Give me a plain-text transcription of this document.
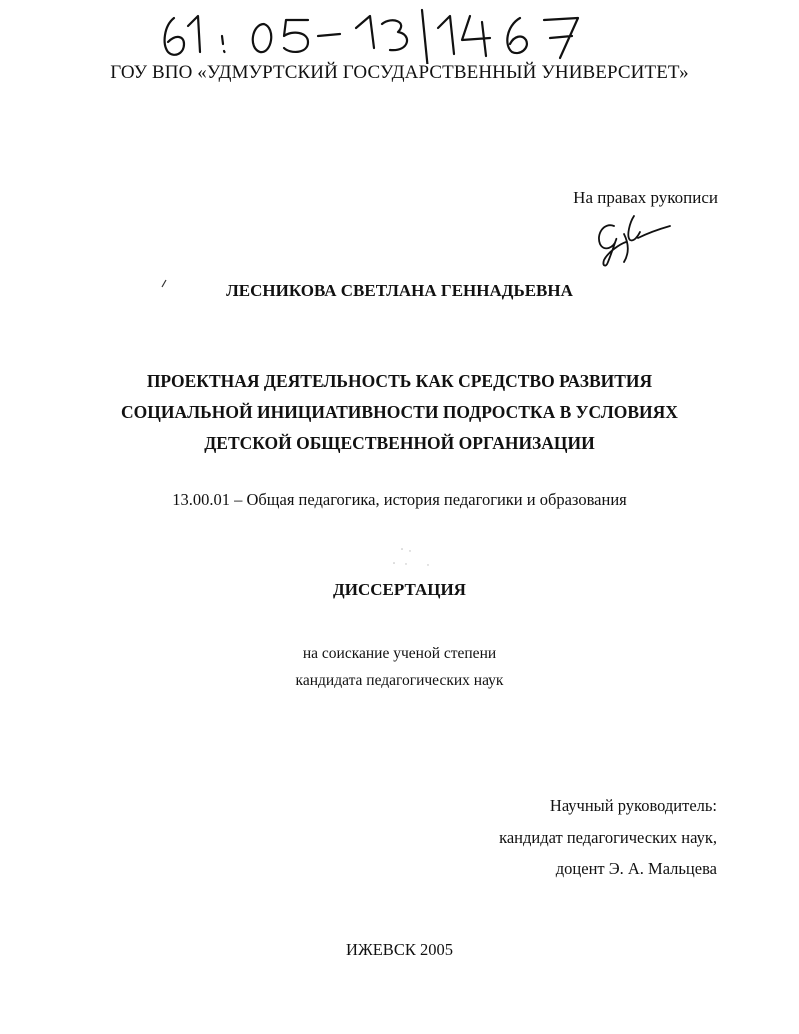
ГОУ ВПО «УДМУРТСКИЙ ГОСУДАРСТВЕННЫЙ УНИВЕРСИТЕТ»
На правах рукописи
ЛЕСНИКОВА СВЕТЛАНА ГЕННАДЬЕВНА
ПРОЕКТНАЯ ДЕЯТЕЛЬНОСТЬ КАК СРЕДСТВО РАЗВИТИЯ
СОЦИАЛЬНОЙ ИНИЦИАТИВНОСТИ ПОДРОСТКА В УСЛОВИЯХ
ДЕТСКОЙ ОБЩЕСТВЕННОЙ ОРГАНИЗАЦИИ
13.00.01 – Общая педагогика, история педагогики и образования
ДИССЕРТАЦИЯ
на соискание ученой степени
кандидата педагогических наук
Научный руководитель:
кандидат педагогических наук,
доцент Э. А. Мальцева
ИЖЕВСК 2005
